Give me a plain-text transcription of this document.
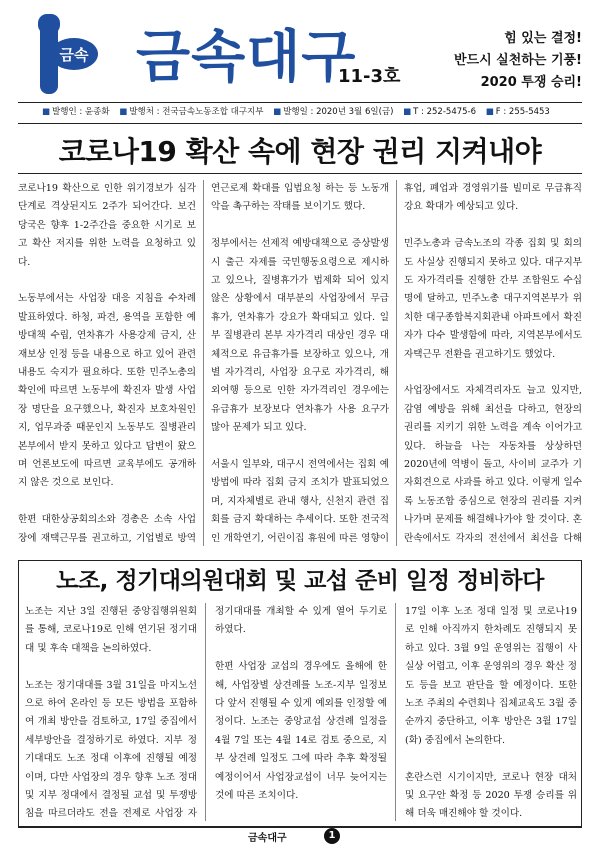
금속 금속대구
11-3호
힘 있는 결정!
반드시 실천하는 기풍!
2020 투쟁 승리!
■ 발행인 : 윤종화 ■ 발행처 : 전국금속노동조합 대구지부 ■ 발행일 : 2020년 3월 6일(금) ■ T : 252-5475-6 ■ F : 255-5453
코로나19 확산 속에 현장 권리 지켜내야

코로나19 확산으로 인한 위기경보가 심각단계로 격상된지도 2주가 되어간다. 보건당국은 향후 1-2주간을 중요한 시기로 보고 확산 저지를 위한 노력을 요청하고 있다.

노동부에서는 사업장 대응 지침을 수차례 발표하였다. 하청, 파견, 용역을 포함한 예방대책 수립, 연차휴가 사용강제 금지, 산재보상 인정 등을 내용으로 하고 있어 관련 내용도 숙지가 필요하다. 또한 민주노총의 확인에 따르면 노동부에 확진자 발생 사업장 명단을 요구했으나, 확진자 보호차원인지, 업무과중 때문인지 노동부도 질병관리본부에서 받지 못하고 있다고 답변이 왔으며 언론보도에 따르면 교육부에도 공개하지 않은 것으로 보인다.

한편 대한상공회의소와 경총은 소속 사업장에 재택근무를 권고하고, 기업별로 방역

연근로제 확대를 입법요청 하는 등 노동개악을 촉구하는 작태를 보이기도 했다.

정부에서는 선제적 예방대책으로 증상발생 시 출근 자제를 국민행동요령으로 제시하고 있으나, 질병휴가가 법제화 되어 있지 않은 상황에서 대부분의 사업장에서 무급 휴가, 연차휴가 강요가 확대되고 있다. 일부 질병관리 본부 자가격리 대상인 경우 대체적으로 유급휴가를 보장하고 있으나, 개별 자가격리, 사업장 요구로 자가격리, 해외여행 등으로 인한 자가격리인 경우에는 유급휴가 보장보다 연차휴가 사용 요구가 많아 문제가 되고 있다.

서울시 일부와, 대구시 전역에서는 집회 예방법에 따라 집회 금지 조치가 발표되었으며, 지자체별로 관내 행사, 신천지 관련 집회를 금지 확대하는 추세이다. 또한 전국적인 개학연기, 어린이집 휴원에 따른 영향이

휴업, 폐업과 경영위기를 빌미로 무급휴직 강요 확대가 예상되고 있다.

민주노총과 금속노조의 각종 집회 및 회의도 사실상 진행되지 못하고 있다. 대구지부도 자가격리를 진행한 간부 조합원도 수십명에 달하고, 민주노총 대구지역본부가 위치한 대구종합복지회관내 아파트에서 확진자가 다수 발생함에 따라, 지역본부에서도 자택근무 전환을 권고하기도 했었다.

사업장에서도 자체격리자도 늘고 있지만, 감염 예방을 위해 최선을 다하고, 현장의 권리를 지키기 위한 노력을 계속 이어가고 있다. 하늘을 나는 자동차를 상상하던 2020년에 역병이 돌고, 사이비 교주가 기자회견으로 사과를 하고 있다. 이렇게 일수록 노동조합 중심으로 현장의 권리를 지켜나가며 문제를 해결해나가야 할 것이다. 혼란속에서도 각자의 전선에서 최선을 다해

노조, 정기대의원대회 및 교섭 준비 일정 정비하다

노조는 지난 3일 진행된 중앙집행위원회를 통해, 코로나19로 인해 연기된 정기대대 및 후속 대책을 논의하였다.

노조는 정기대대를 3월 31일을 마지노선으로 하여 온라인 등 모든 방법을 포함하여 개최 방안을 검토하고, 17일 중집에서 세부방안을 결정하기로 하였다. 지부 정기대대도 노조 정대 이후에 진행될 예정이며, 다만 사업장의 경우 향후 노조 정대 및 지부 정대에서 결정될 교섭 및 투쟁방침을 따르더라도 전을 전제로 사업장 자

정기대대를 개최할 수 있게 열어 두기로 하였다.

한편 사업장 교섭의 경우에도 올해에 한해, 사업장별 상견례를 노조-지부 일정보다 앞서 진행될 수 있게 예외를 인정할 예정이다. 노조는 중앙교섭 상견례 일정을 4월 7일 또는 4월 14로 검토 중으로, 지부 상견례 일정도 그에 따라 추후 확정될 예정이어서 사업장교섭이 너무 늦어지는 것에 따른 조치이다.

17일 이후 노조 정대 일정 및 코로나19로 인해 아직까지 한차례도 진행되지 못하고 있다. 3월 9일 운영위는 집행이 사실상 어렵고, 이후 운영위의 경우 확산 정도 등을 보고 판단을 할 예정이다. 또한 노조 주최의 수련회나 집체교육도 3월 중순까지 중단하고, 이후 방안은 3월 17일(화) 중집에서 논의한다.

혼란스런 시기이지만, 코로나 현장 대처 및 요구안 확정 등 2020 투쟁 승리를 위해 더욱 매진해야 할 것이다.

금속대구	1
